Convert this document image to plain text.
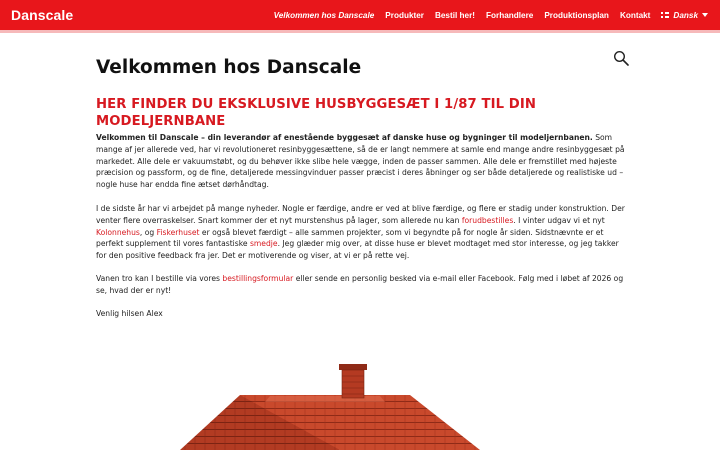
Danscale	Velkommen hos Danscale Produkter Bestil her! Forhandlere Produktionsplan Kontakt	Dansk
Velkommen hos Danscale
HER FINDER DU EKSKLUSIVE HUSBYGGESÆT I 1/87 TIL DIN MODELJERNBANE

Velkommen til Danscale – din leverandør af enestående byggesæt af danske huse og bygninger til modeljernbanen. Som mange af jer allerede ved, har vi revolutioneret resinbyggesættene, så de er langt nemmere at samle end mange andre resinbyggesæt på markedet. Alle dele er vakuumstøbt, og du behøver ikke slibe hele vægge, inden de passer sammen. Alle dele er fremstillet med højeste præcision og passform, og de fine, detaljerede messingvinduer passer præcist i deres åbninger og ser både detaljerede og realistiske ud – nogle huse har endda fine ætset dørhåndtag.

I de sidste år har vi arbejdet på mange nyheder. Nogle er færdige, andre er ved at blive færdige, og flere er stadig under konstruktion. Der venter flere overraskelser. Snart kommer der et nyt murstenshus på lager, som allerede nu kan forudbestilles. I vinter udgav vi et nyt Kolonnehus, og Fiskerhuset er også blevet færdigt – alle sammen projekter, som vi begyndte på for nogle år siden. Sidstnævnte er et perfekt supplement til vores fantastiske smedje. Jeg glæder mig over, at disse huse er blevet modtaget med stor interesse, og jeg takker for den positive feedback fra jer. Det er motiverende og viser, at vi er på rette vej.

Vanen tro kan I bestille via vores bestillingsformular eller sende en personlig besked via e-mail eller Facebook. Følg med i løbet af 2026 og se, hvad der er nyt!

Venlig hilsen Alex
